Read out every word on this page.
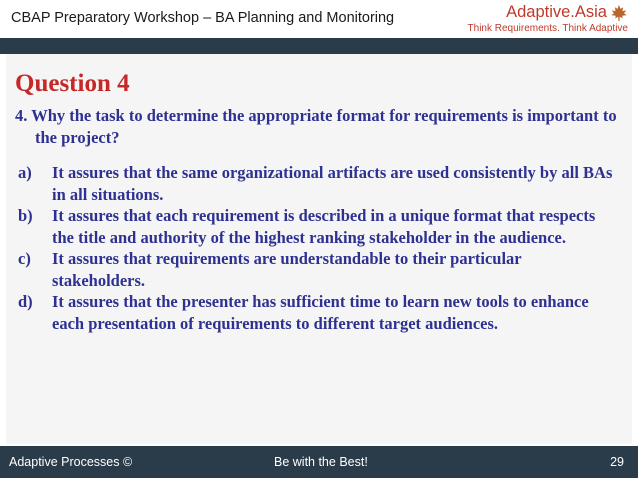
CBAP Preparatory Workshop – BA Planning and Monitoring	Adaptive.Asia
Think Requirements. Think Adaptive
Question 4
4. Why the task to determine the appropriate format for requirements is important to the project?
a)	It assures that the same organizational artifacts are used consistently by all BAs in all situations.
b)	It assures that each requirement is described in a unique format that respects the title and authority of the highest ranking stakeholder in the audience.
c)	It assures that requirements are understandable to their particular stakeholders.
d)	It assures that the presenter has sufficient time to learn new tools to enhance each presentation of requirements to different target audiences.
Adaptive Processes ©	Be with the Best!	29
